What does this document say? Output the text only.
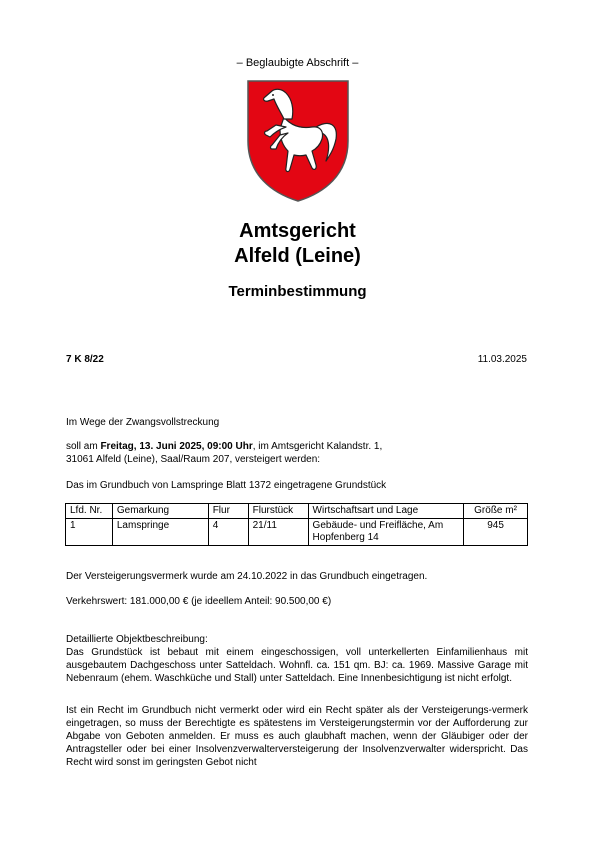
– Beglaubigte Abschrift –
Amtsgericht
Alfeld (Leine)
Terminbestimmung
7 K 8/22	11.03.2025
Im Wege der Zwangsvollstreckung
soll am Freitag, 13. Juni 2025, 09:00 Uhr, im Amtsgericht Kalandstr. 1,
31061 Alfeld (Leine), Saal/Raum 207, versteigert werden:
Das im Grundbuch von Lamspringe Blatt 1372 eingetragene Grundstück
Lfd. Nr.	Gemarkung	Flur	Flurstück	Wirtschaftsart und Lage	Größe m²
1	Lamspringe	4	21/11	Gebäude- und Freifläche, Am Hopfenberg 14	945
Der Versteigerungsvermerk wurde am 24.10.2022 in das Grundbuch eingetragen.
Verkehrswert: 181.000,00 € (je ideellem Anteil: 90.500,00 €)
Detaillierte Objektbeschreibung:
Das Grundstück ist bebaut mit einem eingeschossigen, voll unterkellerten Einfamilienhaus mit ausgebautem Dachgeschoss unter Satteldach. Wohnfl. ca. 151 qm. BJ: ca. 1969. Massive Garage mit Nebenraum (ehem. Waschküche und Stall) unter Satteldach. Eine Innenbesichtigung ist nicht erfolgt.
Ist ein Recht im Grundbuch nicht vermerkt oder wird ein Recht später als der Versteigerungs-vermerk eingetragen, so muss der Berechtigte es spätestens im Versteigerungstermin vor der Aufforderung zur Abgabe von Geboten anmelden. Er muss es auch glaubhaft machen, wenn der Gläubiger oder der Antragsteller oder bei einer Insolvenzverwalterversteigerung der Insolvenzverwalter widerspricht. Das Recht wird sonst im geringsten Gebot nicht
